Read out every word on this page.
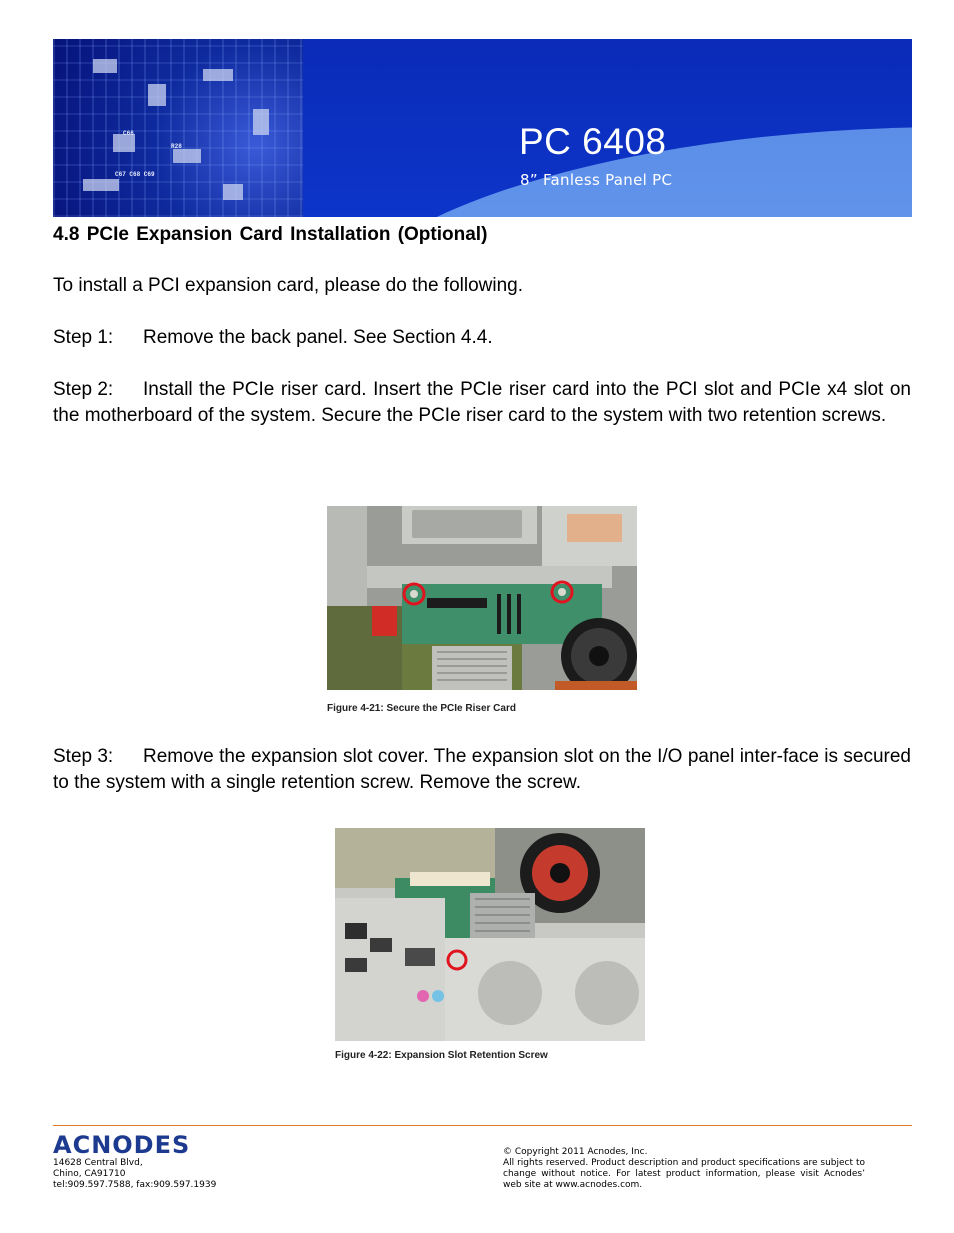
C66
C67 C68 C69
R28	PC 6408
8” Fanless Panel PC
4.8 PCIe Expansion Card Installation (Optional)
To install a PCI expansion card, please do the following.
Step 1: Remove the back panel. See Section 4.4.
Step 2: Install the PCIe riser card. Insert the PCIe riser card into the PCI slot and PCIe x4 slot on the motherboard of the system. Secure the PCIe riser card to the system with two retention screws.
Figure 4-21: Secure the PCIe Riser Card
Step 3: Remove the expansion slot cover. The expansion slot on the I/O panel inter-face is secured to the system with a single retention screw. Remove the screw.
Figure 4-22: Expansion Slot Retention Screw
ACNODES
14628 Central Blvd,
Chino, CA91710
tel:909.597.7588, fax:909.597.1939
© Copyright 2011 Acnodes, Inc.
All rights reserved. Product description and product specifications are subject to change without notice. For latest product information, please visit Acnodes’ web site at www.acnodes.com.
